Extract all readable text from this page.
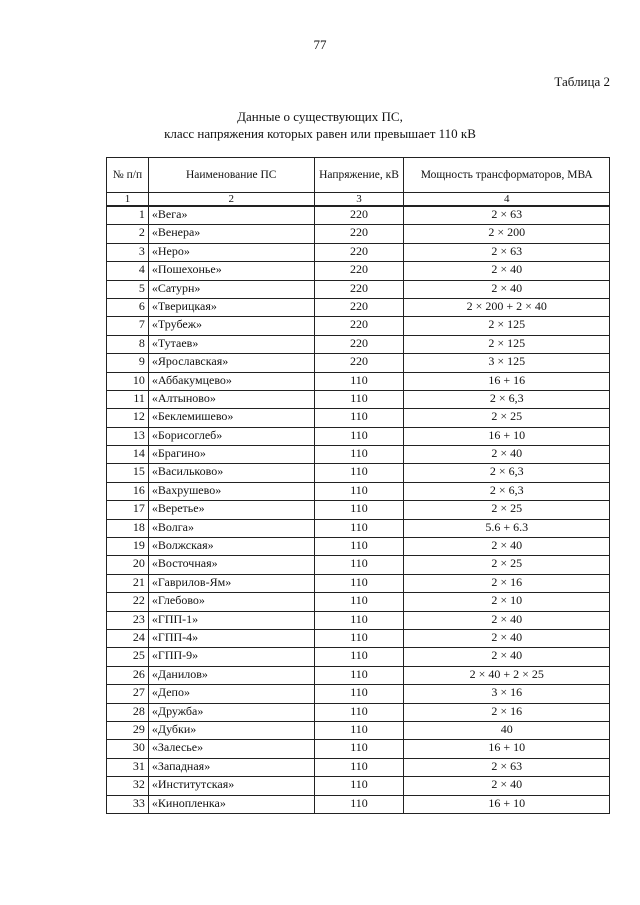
77
Таблица 2
Данные о существующих ПС,
класс напряжения которых равен или превышает 110 кВ
№ п/п	Наименование ПС	Напряжение, кВ	Мощность трансформаторов, МВА
1	2	3	4
1	«Вега»	220	2 × 63
2	«Венера»	220	2 × 200
3	«Неро»	220	2 × 63
4	«Пошехонье»	220	2 × 40
5	«Сатурн»	220	2 × 40
6	«Тверицкая»	220	2 × 200 + 2 × 40
7	«Трубеж»	220	2 × 125
8	«Тутаев»	220	2 × 125
9	«Ярославская»	220	3 × 125
10	«Аббакумцево»	110	16 + 16
11	«Алтыново»	110	2 × 6,3
12	«Беклемишево»	110	2 × 25
13	«Борисоглеб»	110	16 + 10
14	«Брагино»	110	2 × 40
15	«Васильково»	110	2 × 6,3
16	«Вахрушево»	110	2 × 6,3
17	«Веретье»	110	2 × 25
18	«Волга»	110	5.6 + 6.3
19	«Волжская»	110	2 × 40
20	«Восточная»	110	2 × 25
21	«Гаврилов-Ям»	110	2 × 16
22	«Глебово»	110	2 × 10
23	«ГПП-1»	110	2 × 40
24	«ГПП-4»	110	2 × 40
25	«ГПП-9»	110	2 × 40
26	«Данилов»	110	2 × 40 + 2 × 25
27	«Депо»	110	3 × 16
28	«Дружба»	110	2 × 16
29	«Дубки»	110	40
30	«Залесье»	110	16 + 10
31	«Западная»	110	2 × 63
32	«Институтская»	110	2 × 40
33	«Кинопленка»	110	16 + 10
